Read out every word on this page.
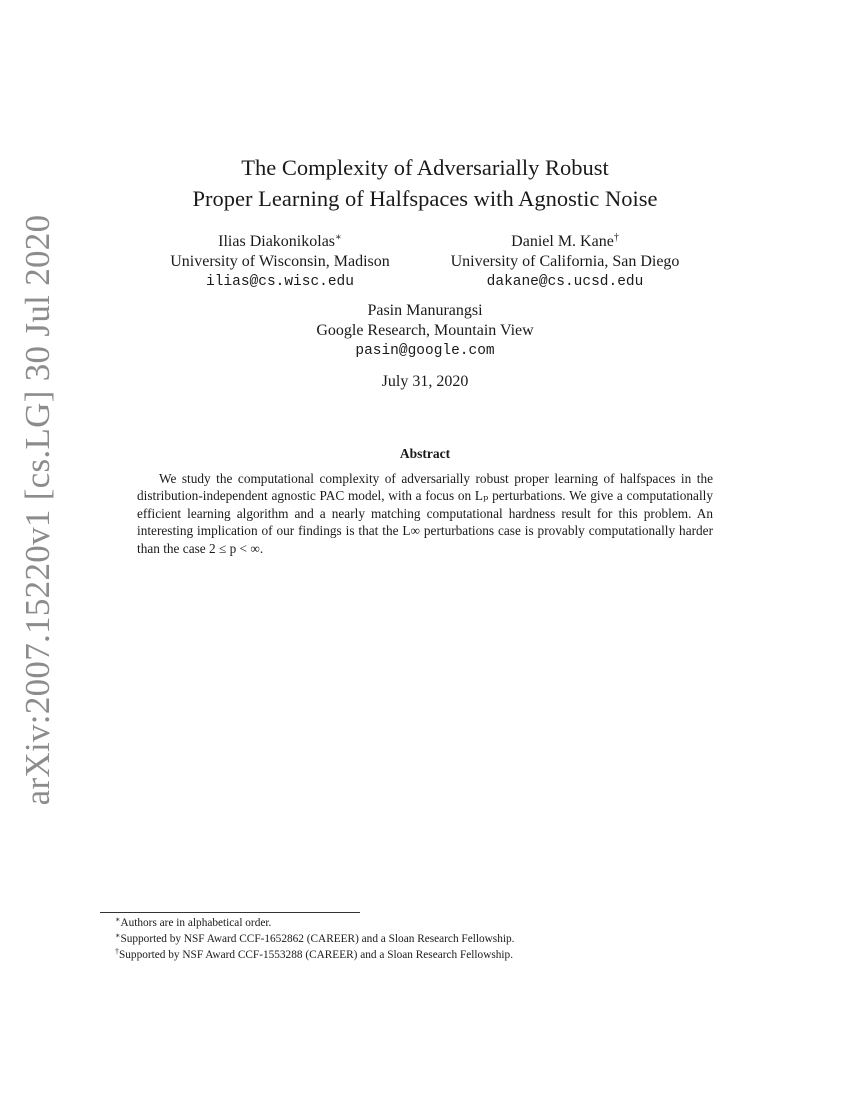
arXiv:2007.15220v1 [cs.LG] 30 Jul 2020
The Complexity of Adversarially Robust
Proper Learning of Halfspaces with Agnostic Noise
Ilias Diakonikolas∗
University of Wisconsin, Madison
ilias@cs.wisc.edu
Daniel M. Kane†
University of California, San Diego
dakane@cs.ucsd.edu
Pasin Manurangsi
Google Research, Mountain View
pasin@google.com
July 31, 2020
Abstract

We study the computational complexity of adversarially robust proper learning of halfspaces in the distribution-independent agnostic PAC model, with a focus on Lₚ perturbations. We give a computationally efficient learning algorithm and a nearly matching computational hardness result for this problem. An interesting implication of our findings is that the L∞ perturbations case is provably computationally harder than the case 2 ≤ p < ∞.

∗Authors are in alphabetical order.
∗Supported by NSF Award CCF-1652862 (CAREER) and a Sloan Research Fellowship.
†Supported by NSF Award CCF-1553288 (CAREER) and a Sloan Research Fellowship.
